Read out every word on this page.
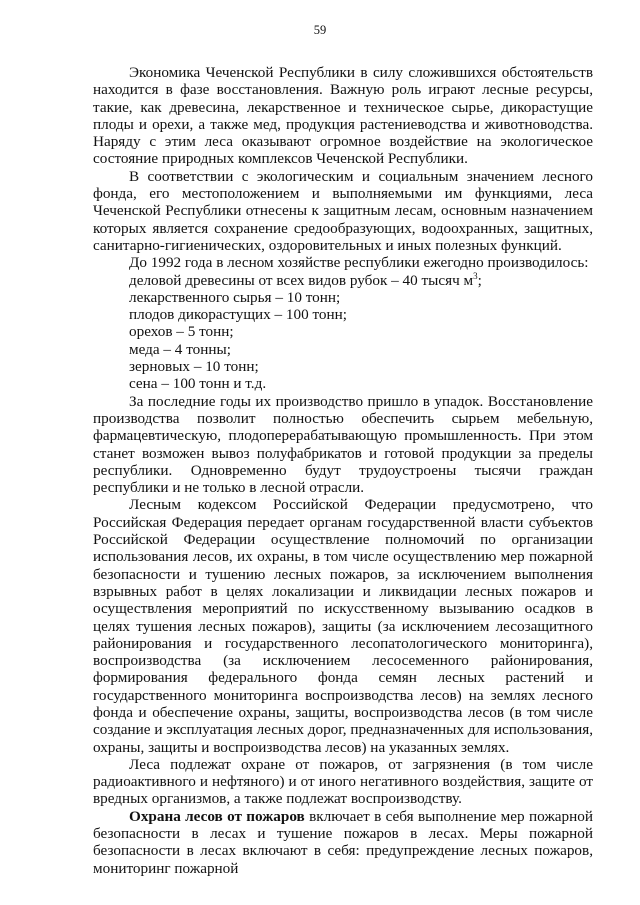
59

Экономика Чеченской Республики в силу сложившихся обстоятельств находится в фазе восстановления. Важную роль играют лесные ресурсы, такие, как древесина, лекарственное и техническое сырье, дикорастущие плоды и орехи, а также мед, продукция растениеводства и животноводства. Наряду с этим леса оказывают огромное воздействие на экологическое состояние природных комплексов Чеченской Республики.

В соответствии с экологическим и социальным значением лесного фонда, его местоположением и выполняемыми им функциями, леса Чеченской Республики отнесены к защитным лесам, основным назначением которых является сохранение средообразующих, водоохранных, защитных, санитарно-гигиенических, оздоровительных и иных полезных функций.

До 1992 года в лесном хозяйстве республики ежегодно производилось:

деловой древесины от всех видов рубок – 40 тысяч $м^3$;

лекарственного сырья – 10 тонн;

плодов дикорастущих – 100 тонн;

орехов – 5 тонн;

меда – 4 тонны;

зерновых – 10 тонн;

сена – 100 тонн и т.д.

За последние годы их производство пришло в упадок. Восстановление производства позволит полностью обеспечить сырьем мебельную, фармацевтическую, плодоперерабатывающую промышленность. При этом станет возможен вывоз полуфабрикатов и готовой продукции за пределы республики. Одновременно будут трудоустроены тысячи граждан республики и не только в лесной отрасли.

Лесным кодексом Российской Федерации предусмотрено, что Российская Федерация передает органам государственной власти субъектов Российской Федерации осуществление полномочий по организации использования лесов, их охраны, в том числе осуществлению мер пожарной безопасности и тушению лесных пожаров, за исключением выполнения взрывных работ в целях локализации и ликвидации лесных пожаров и осуществления мероприятий по искусственному вызыванию осадков в целях тушения лесных пожаров), защиты (за исключением лесозащитного районирования и государственного лесопатологического мониторинга), воспроизводства (за исключением лесосеменного районирования, формирования федерального фонда семян лесных растений и государственного мониторинга воспроизводства лесов) на землях лесного фонда и обеспечение охраны, защиты, воспроизводства лесов (в том числе создание и эксплуатация лесных дорог, предназначенных для использования, охраны, защиты и воспроизводства лесов) на указанных землях.

Леса подлежат охране от пожаров, от загрязнения (в том числе радиоактивного и нефтяного) и от иного негативного воздействия, защите от вредных организмов, а также подлежат воспроизводству.

Охрана лесов от пожаров включает в себя выполнение мер пожарной безопасности в лесах и тушение пожаров в лесах. Меры пожарной безопасности в лесах включают в себя: предупреждение лесных пожаров, мониторинг пожарной
